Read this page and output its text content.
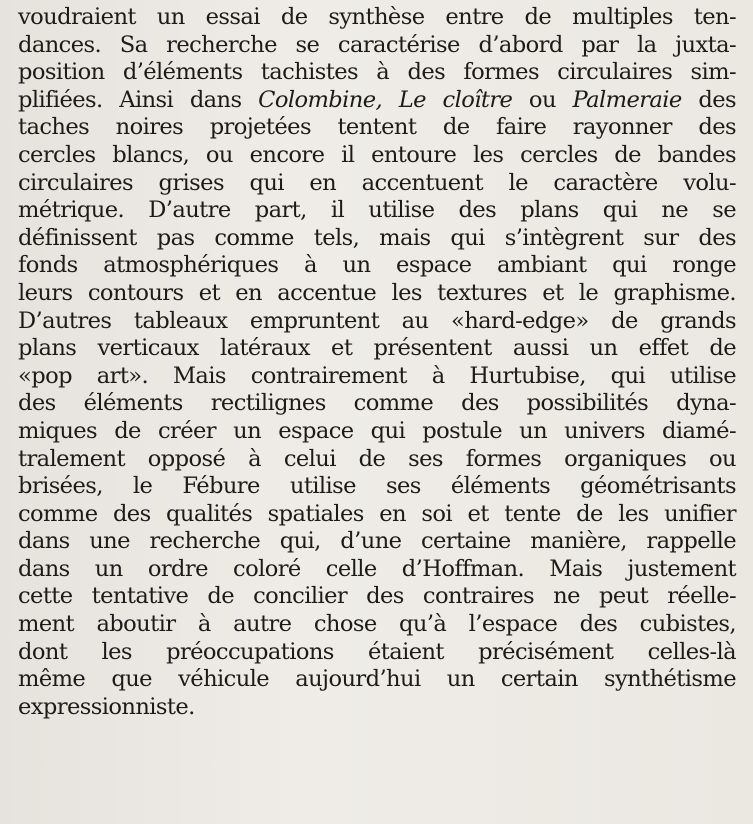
voudraient un essai de synthèse entre de multiples ten-
dances. Sa recherche se caractérise d’abord par la juxta-
position d’éléments tachistes à des formes circulaires sim-
plifiées. Ainsi dans Colombine, Le cloître ou Palmeraie des
taches noires projetées tentent de faire rayonner des
cercles blancs, ou encore il entoure les cercles de bandes
circulaires grises qui en accentuent le caractère volu-
métrique. D’autre part, il utilise des plans qui ne se
définissent pas comme tels, mais qui s’intègrent sur des
fonds atmosphériques à un espace ambiant qui ronge
leurs contours et en accentue les textures et le graphisme.
D’autres tableaux empruntent au «hard-edge» de grands
plans verticaux latéraux et présentent aussi un effet de
«pop art». Mais contrairement à Hurtubise, qui utilise
des éléments rectilignes comme des possibilités dyna-
miques de créer un espace qui postule un univers diamé-
tralement opposé à celui de ses formes organiques ou
brisées, le Fébure utilise ses éléments géométrisants
comme des qualités spatiales en soi et tente de les unifier
dans une recherche qui, d’une certaine manière, rappelle
dans un ordre coloré celle d’Hoffman. Mais justement
cette tentative de concilier des contraires ne peut réelle-
ment aboutir à autre chose qu’à l’espace des cubistes,
dont les préoccupations étaient précisément celles-là
même que véhicule aujourd’hui un certain synthétisme
expressionniste.
